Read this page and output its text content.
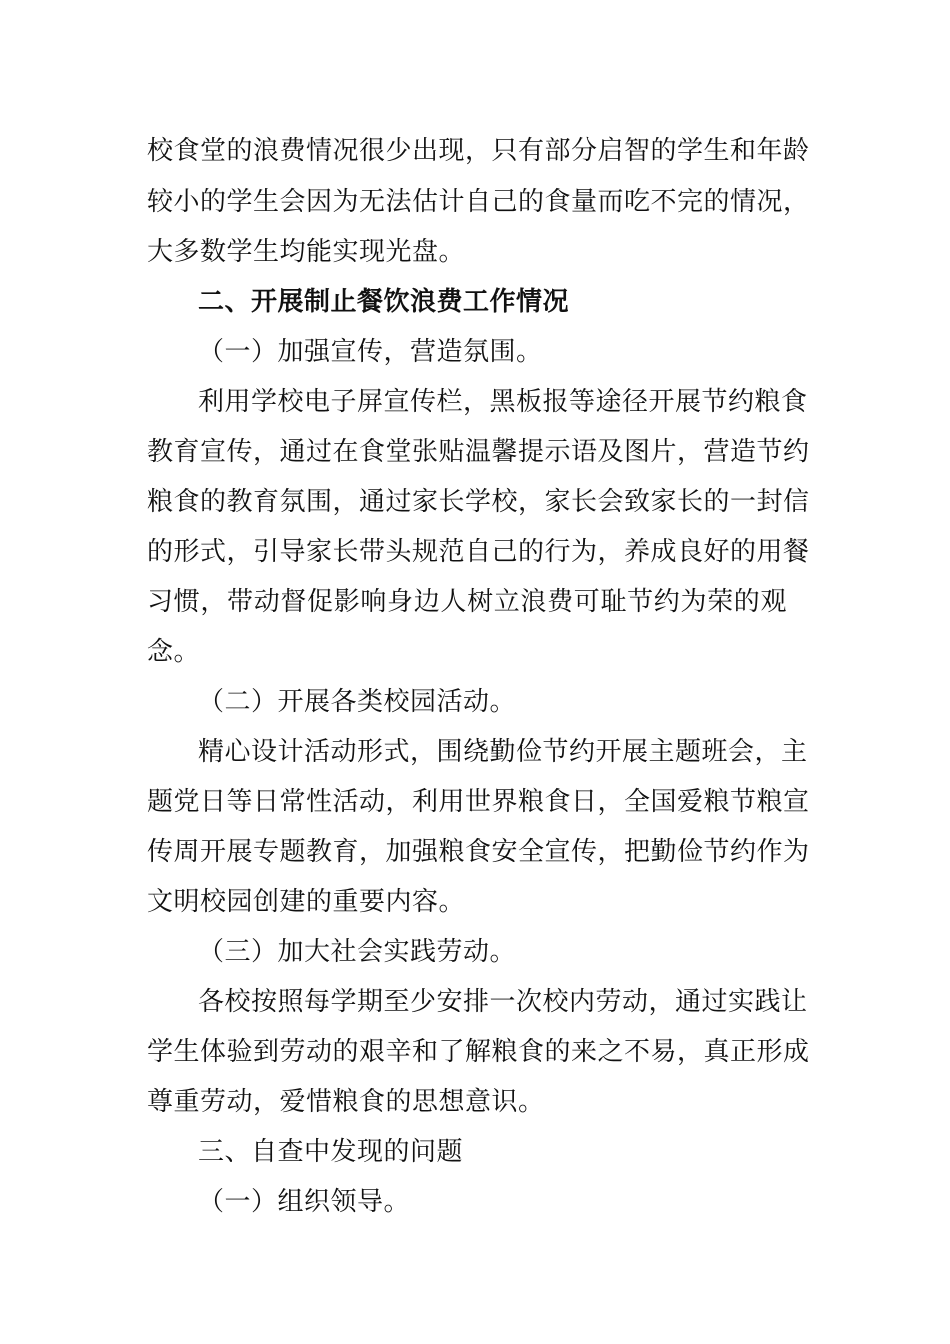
校食堂的浪费情况很少出现，只有部分启智的学生和年龄
较小的学生会因为无法估计自己的食量而吃不完的情况，
大多数学生均能实现光盘。
二、开展制止餐饮浪费工作情况
（一）加强宣传，营造氛围。
利用学校电子屏宣传栏，黑板报等途径开展节约粮食
教育宣传，通过在食堂张贴温馨提示语及图片，营造节约
粮食的教育氛围，通过家长学校，家长会致家长的一封信
的形式，引导家长带头规范自己的行为，养成良好的用餐
习惯，带动督促影响身边人树立浪费可耻节约为荣的观
念。
（二）开展各类校园活动。
精心设计活动形式，围绕勤俭节约开展主题班会，主
题党日等日常性活动，利用世界粮食日，全国爱粮节粮宣
传周开展专题教育，加强粮食安全宣传，把勤俭节约作为
文明校园创建的重要内容。
（三）加大社会实践劳动。
各校按照每学期至少安排一次校内劳动，通过实践让
学生体验到劳动的艰辛和了解粮食的来之不易，真正形成
尊重劳动，爱惜粮食的思想意识。
三、自查中发现的问题
（一）组织领导。
